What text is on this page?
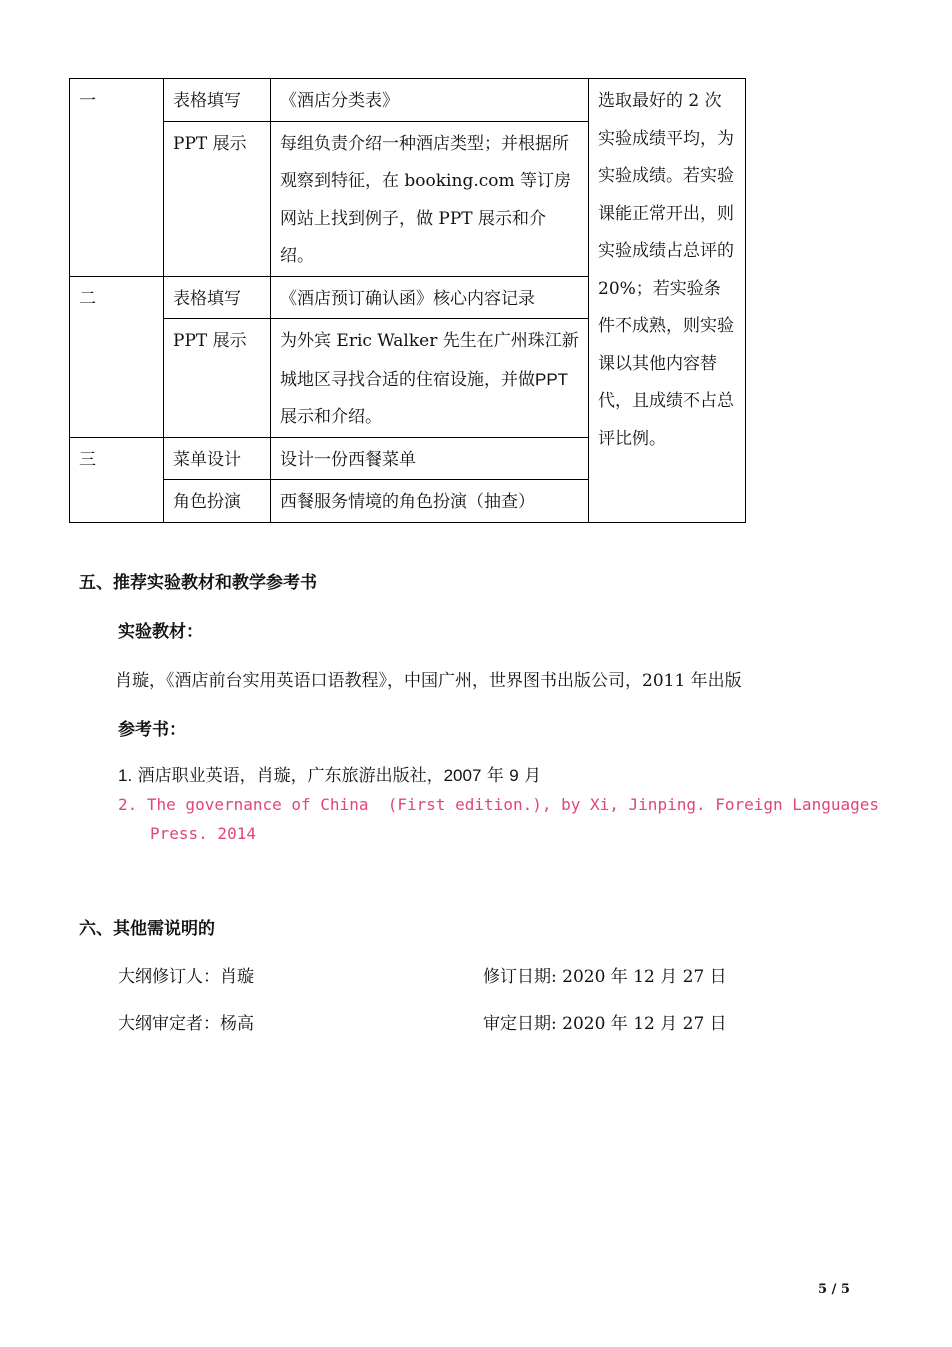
一	表格填写	《酒店分类表》	选取最好的 2 次实验成绩平均，为实验成绩。若实验课能正常开出，则实验成绩占总评的 20%；若实验条件不成熟，则实验课以其他内容替代，且成绩不占总评比例。
	PPT 展示	每组负责介绍一种酒店类型；并根据所观察到特征，在 booking.com 等订房网站上找到例子，做 PPT 展示和介绍。	
二	表格填写	《酒店预订确认函》核心内容记录	
	PPT 展示	为外宾 Eric Walker 先生在广州珠江新城地区寻找合适的住宿设施，并做PPT 展示和介绍。	
三	菜单设计	设计一份西餐菜单	
	角色扮演	西餐服务情境的角色扮演（抽查）	
五、推荐实验教材和教学参考书
实验教材：
肖璇，《酒店前台实用英语口语教程》，中国广州，世界图书出版公司，2011 年出版
参考书：
1. 酒店职业英语，肖璇，广东旅游出版社，2007 年 9 月
2. The governance of China  (First edition.), by Xi, Jinping. Foreign Languages
Press. 2014
六、其他需说明的
大纲修订人：肖璇	修订日期: 2020 年 12 月 27 日
大纲审定者：杨高	审定日期: 2020 年 12 月 27 日
5 / 5
